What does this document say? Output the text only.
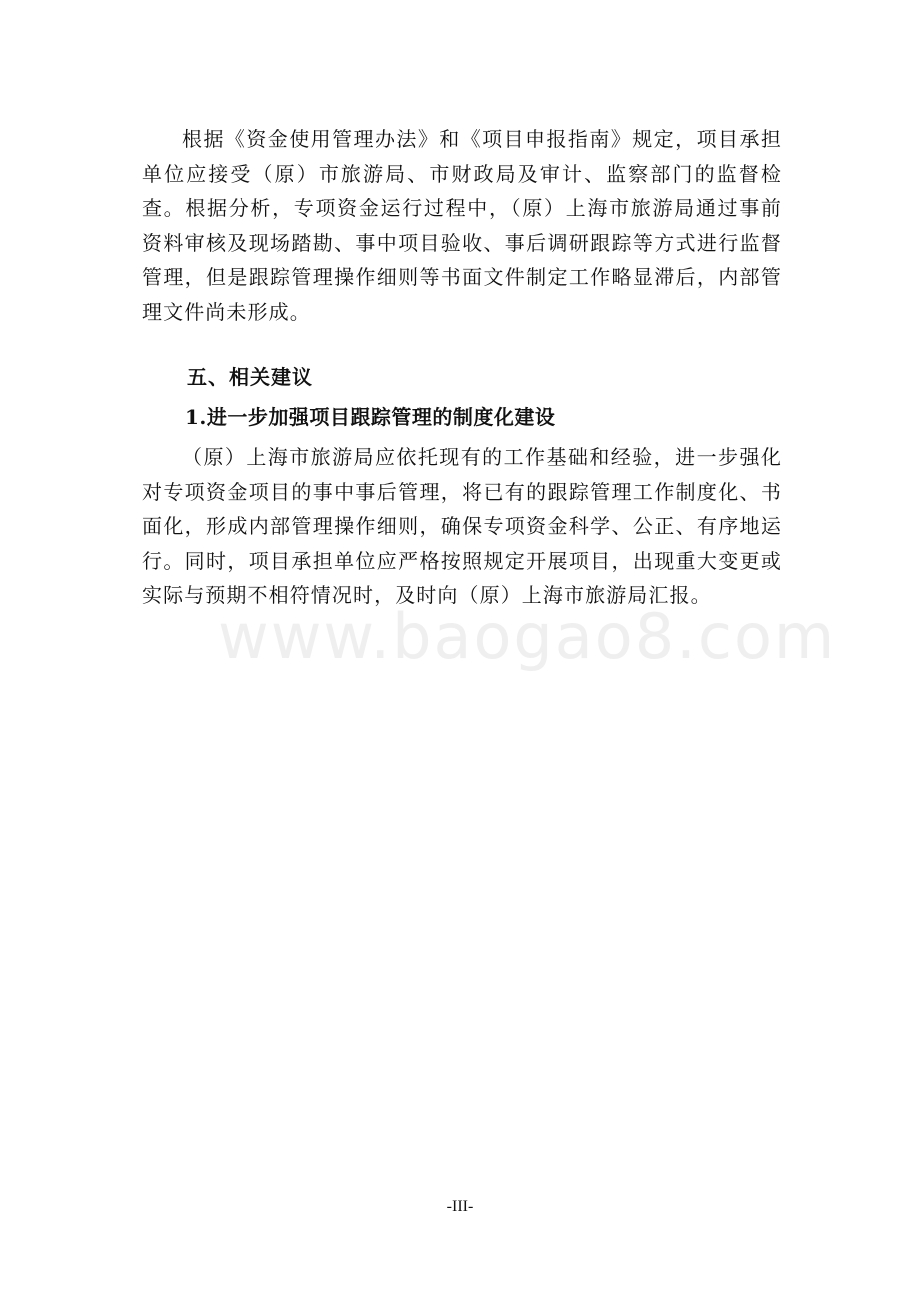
根据《资金使用管理办法》和《项目申报指南》规定，项目承担单位应接受（原）市旅游局、市财政局及审计、监察部门的监督检查。根据分析，专项资金运行过程中，（原）上海市旅游局通过事前资料审核及现场踏勘、事中项目验收、事后调研跟踪等方式进行监督管理，但是跟踪管理操作细则等书面文件制定工作略显滞后，内部管理文件尚未形成。

五、相关建议

1.进一步加强项目跟踪管理的制度化建设

（原）上海市旅游局应依托现有的工作基础和经验，进一步强化对专项资金项目的事中事后管理，将已有的跟踪管理工作制度化、书面化，形成内部管理操作细则，确保专项资金科学、公正、有序地运行。同时，项目承担单位应严格按照规定开展项目，出现重大变更或实际与预期不相符情况时，及时向（原）上海市旅游局汇报。

www.baogao8.com
-III-
